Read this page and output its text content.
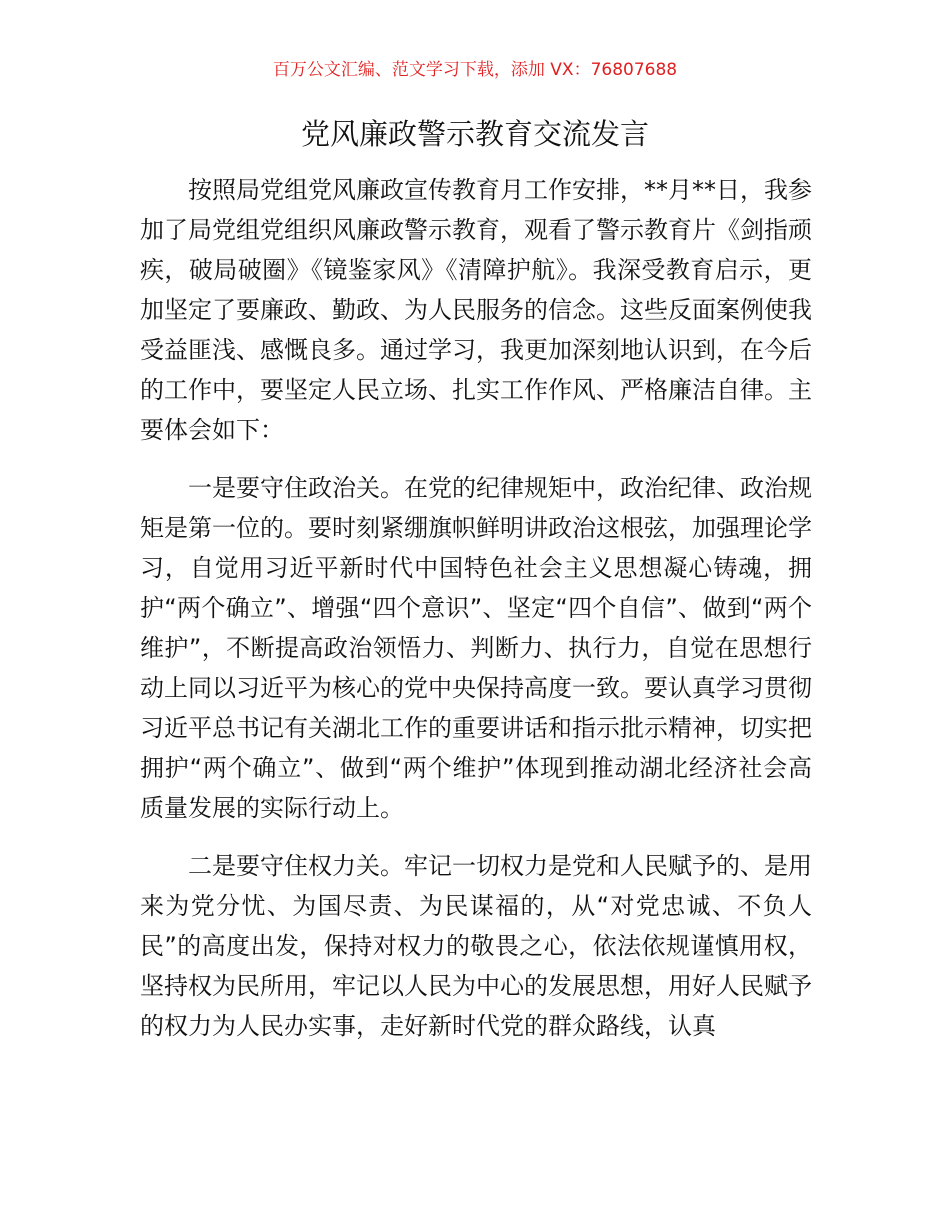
百万公文汇编、范文学习下载，添加 VX：76807688
党风廉政警示教育交流发言

按照局党组党风廉政宣传教育月工作安排，**月**日，我参加了局党组党组织风廉政警示教育，观看了警示教育片《剑指顽疾，破局破圈》《镜鉴家风》《清障护航》。我深受教育启示，更加坚定了要廉政、勤政、为人民服务的信念。这些反面案例使我受益匪浅、感慨良多。通过学习，我更加深刻地认识到，在今后的工作中，要坚定人民立场、扎实工作作风、严格廉洁自律。主要体会如下：

一是要守住政治关。在党的纪律规矩中，政治纪律、政治规矩是第一位的。要时刻紧绷旗帜鲜明讲政治这根弦，加强理论学习，自觉用习近平新时代中国特色社会主义思想凝心铸魂，拥护“两个确立”、增强“四个意识”、坚定“四个自信”、做到“两个维护”，不断提高政治领悟力、判断力、执行力，自觉在思想行动上同以习近平为核心的党中央保持高度一致。要认真学习贯彻习近平总书记有关湖北工作的重要讲话和指示批示精神，切实把拥护“两个确立”、做到“两个维护”体现到推动湖北经济社会高质量发展的实际行动上。

二是要守住权力关。牢记一切权力是党和人民赋予的、是用来为党分忧、为国尽责、为民谋福的，从“对党忠诚、不负人民”的高度出发，保持对权力的敬畏之心，依法依规谨慎用权，坚持权为民所用，牢记以人民为中心的发展思想，用好人民赋予的权力为人民办实事，走好新时代党的群众路线，认真
